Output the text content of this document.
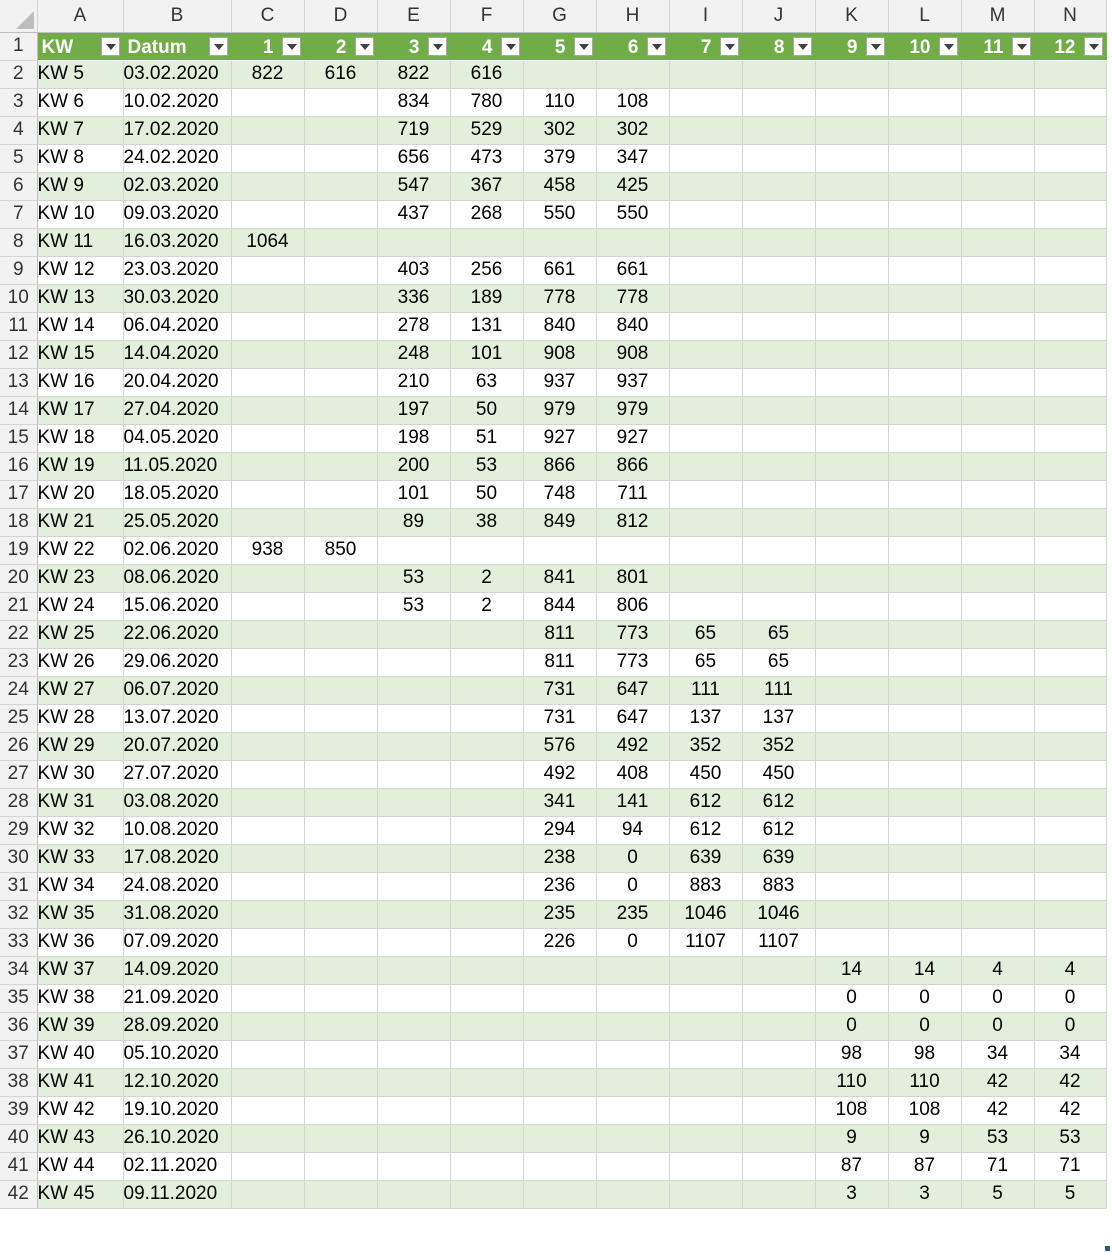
	A	B	C	D	E	F	G	H	I	J	K	L	M	N
1	KW	Datum	1	2	3	4	5	6	7	8	9	10	11	12

2	KW 5	03.02.2020	822	616	822	616								
3	KW 6	10.02.2020			834	780	110	108						
4	KW 7	17.02.2020			719	529	302	302						
5	KW 8	24.02.2020			656	473	379	347						
6	KW 9	02.03.2020			547	367	458	425						
7	KW 10	09.03.2020			437	268	550	550						
8	KW 11	16.03.2020	1064											
9	KW 12	23.03.2020			403	256	661	661						
10	KW 13	30.03.2020			336	189	778	778						
11	KW 14	06.04.2020			278	131	840	840						
12	KW 15	14.04.2020			248	101	908	908						
13	KW 16	20.04.2020			210	63	937	937						
14	KW 17	27.04.2020			197	50	979	979						
15	KW 18	04.05.2020			198	51	927	927						
16	KW 19	11.05.2020			200	53	866	866						
17	KW 20	18.05.2020			101	50	748	711						
18	KW 21	25.05.2020			89	38	849	812						
19	KW 22	02.06.2020	938	850										
20	KW 23	08.06.2020			53	2	841	801						
21	KW 24	15.06.2020			53	2	844	806						
22	KW 25	22.06.2020					811	773	65	65				
23	KW 26	29.06.2020					811	773	65	65				
24	KW 27	06.07.2020					731	647	111	111				
25	KW 28	13.07.2020					731	647	137	137				
26	KW 29	20.07.2020					576	492	352	352				
27	KW 30	27.07.2020					492	408	450	450				
28	KW 31	03.08.2020					341	141	612	612				
29	KW 32	10.08.2020					294	94	612	612				
30	KW 33	17.08.2020					238	0	639	639				
31	KW 34	24.08.2020					236	0	883	883				
32	KW 35	31.08.2020					235	235	1046	1046				
33	KW 36	07.09.2020					226	0	1107	1107				
34	KW 37	14.09.2020									14	14	4	4
35	KW 38	21.09.2020									0	0	0	0
36	KW 39	28.09.2020									0	0	0	0
37	KW 40	05.10.2020									98	98	34	34
38	KW 41	12.10.2020									110	110	42	42
39	KW 42	19.10.2020									108	108	42	42
40	KW 43	26.10.2020									9	9	53	53
41	KW 44	02.11.2020									87	87	71	71
42	KW 45	09.11.2020									3	3	5	5
